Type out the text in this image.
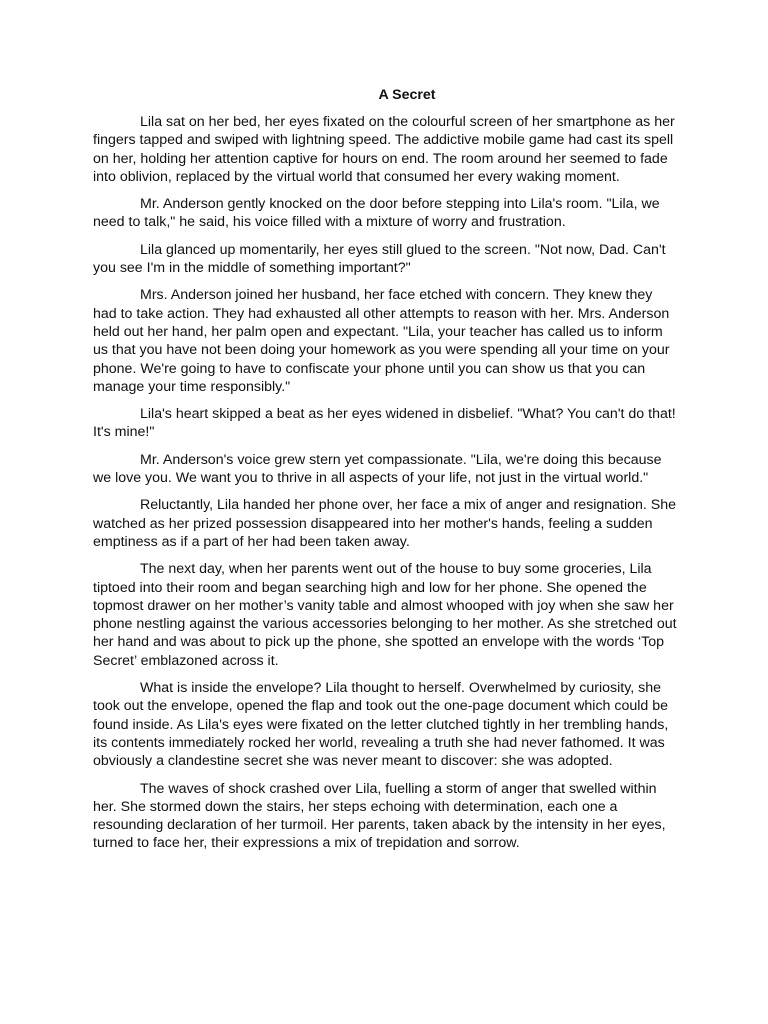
A Secret

Lila sat on her bed, her eyes fixated on the colourful screen of her smartphone as her fingers tapped and swiped with lightning speed. The addictive mobile game had cast its spell on her, holding her attention captive for hours on end. The room around her seemed to fade into oblivion, replaced by the virtual world that consumed her every waking moment.

Mr. Anderson gently knocked on the door before stepping into Lila's room. "Lila, we need to talk," he said, his voice filled with a mixture of worry and frustration.

Lila glanced up momentarily, her eyes still glued to the screen. "Not now, Dad. Can't you see I'm in the middle of something important?"

Mrs. Anderson joined her husband, her face etched with concern. They knew they had to take action. They had exhausted all other attempts to reason with her. Mrs. Anderson held out her hand, her palm open and expectant. "Lila, your teacher has called us to inform us that you have not been doing your homework as you were spending all your time on your phone. We're going to have to confiscate your phone until you can show us that you can manage your time responsibly."

Lila's heart skipped a beat as her eyes widened in disbelief. "What? You can't do that! It's mine!"

Mr. Anderson's voice grew stern yet compassionate. "Lila, we're doing this because we love you. We want you to thrive in all aspects of your life, not just in the virtual world."

Reluctantly, Lila handed her phone over, her face a mix of anger and resignation. She watched as her prized possession disappeared into her mother's hands, feeling a sudden emptiness as if a part of her had been taken away.

The next day, when her parents went out of the house to buy some groceries, Lila tiptoed into their room and began searching high and low for her phone. She opened the topmost drawer on her mother’s vanity table and almost whooped with joy when she saw her phone nestling against the various accessories belonging to her mother. As she stretched out her hand and was about to pick up the phone, she spotted an envelope with the words ‘Top Secret’ emblazoned across it.

What is inside the envelope? Lila thought to herself. Overwhelmed by curiosity, she took out the envelope, opened the flap and took out the one-page document which could be found inside. As Lila's eyes were fixated on the letter clutched tightly in her trembling hands, its contents immediately rocked her world, revealing a truth she had never fathomed. It was obviously a clandestine secret she was never meant to discover: she was adopted.

The waves of shock crashed over Lila, fuelling a storm of anger that swelled within her. She stormed down the stairs, her steps echoing with determination, each one a resounding declaration of her turmoil. Her parents, taken aback by the intensity in her eyes, turned to face her, their expressions a mix of trepidation and sorrow.
